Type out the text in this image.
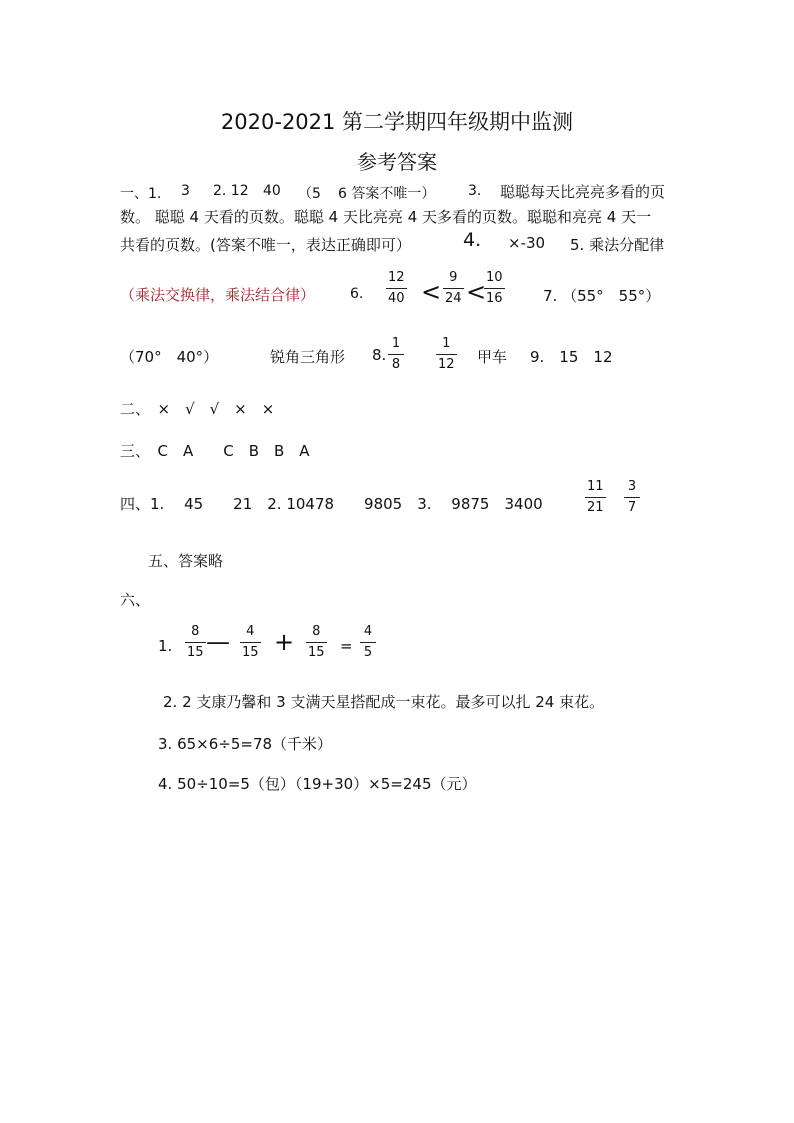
2020-2021 第二学期四年级期中监测
参考答案
一、1. 3 2. 12 40 （5 6 答案不唯一） 3. 聪聪每天比亮亮多看的页
数。 聪聪 4 天看的页数。聪聪 4 天比亮亮 4 天多看的页数。聪聪和亮亮 4 天一
共看的页数。(答案不唯一，表达正确即可）	4. ×-30 5. 乘法分配律
（乘法交换律，乘法结合律） 6.
12
40 <
9
24 <
10
16	7. （55°　55°）
（70°　40°）	锐角三角形 8.
1
8
1
12 甲车 9.　15　12
二、　×　√　√　×　×
三、　C　A　　C　B　B　A
四、1.　 45　　21　2. 10478　　9805　3.　 9875　3400
11
21
3
7
五、答案略
六、
1.
8
15 — 4
15 + 8
15 =
4
5
2. 2 支康乃馨和 3 支满天星搭配成一束花。最多可以扎 24 束花。
3. 65×6÷5=78（千米）
4. 50÷10=5（包）（19+30）×5=245（元）
